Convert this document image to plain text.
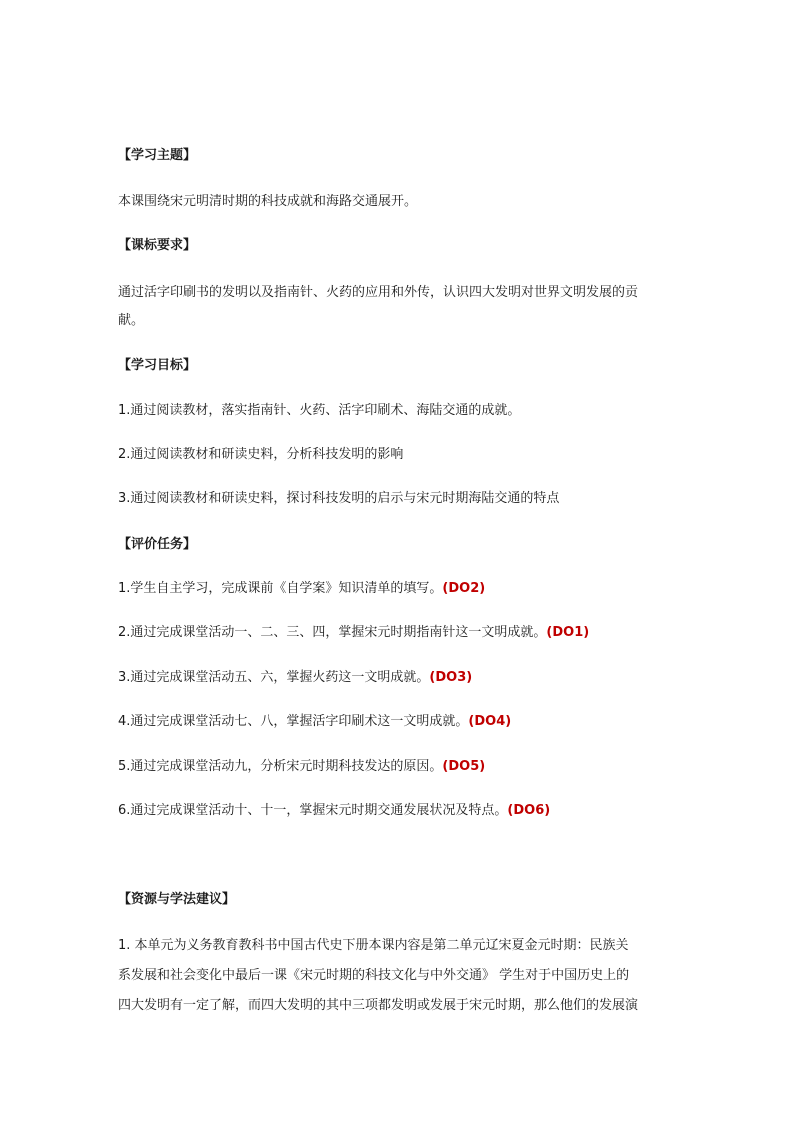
【学习主题】
本课围绕宋元明清时期的科技成就和海路交通展开。
【课标要求】
通过活字印刷书的发明以及指南针、火药的应用和外传，认识四大发明对世界文明发展的贡
献。
【学习目标】
1.通过阅读教材，落实指南针、火药、活字印刷术、海陆交通的成就。
2.通过阅读教材和研读史料，分析科技发明的影响
3.通过阅读教材和研读史料，探讨科技发明的启示与宋元时期海陆交通的特点
【评价任务】
1.学生自主学习，完成课前《自学案》知识清单的填写。(DO2)
2.通过完成课堂活动一、二、三、四，掌握宋元时期指南针这一文明成就。(DO1)
3.通过完成课堂活动五、六，掌握火药这一文明成就。(DO3)
4.通过完成课堂活动七、八，掌握活字印刷术这一文明成就。(DO4)
5.通过完成课堂活动九，分析宋元时期科技发达的原因。(DO5)
6.通过完成课堂活动十、十一，掌握宋元时期交通发展状况及特点。(DO6)
【资源与学法建议】
1. 本单元为义务教育教科书中国古代史下册本课内容是第二单元辽宋夏金元时期：民族关
系发展和社会变化中最后一课《宋元时期的科技文化与中外交通》 学生对于中国历史上的
四大发明有一定了解，而四大发明的其中三项都发明或发展于宋元时期，那么他们的发展演
